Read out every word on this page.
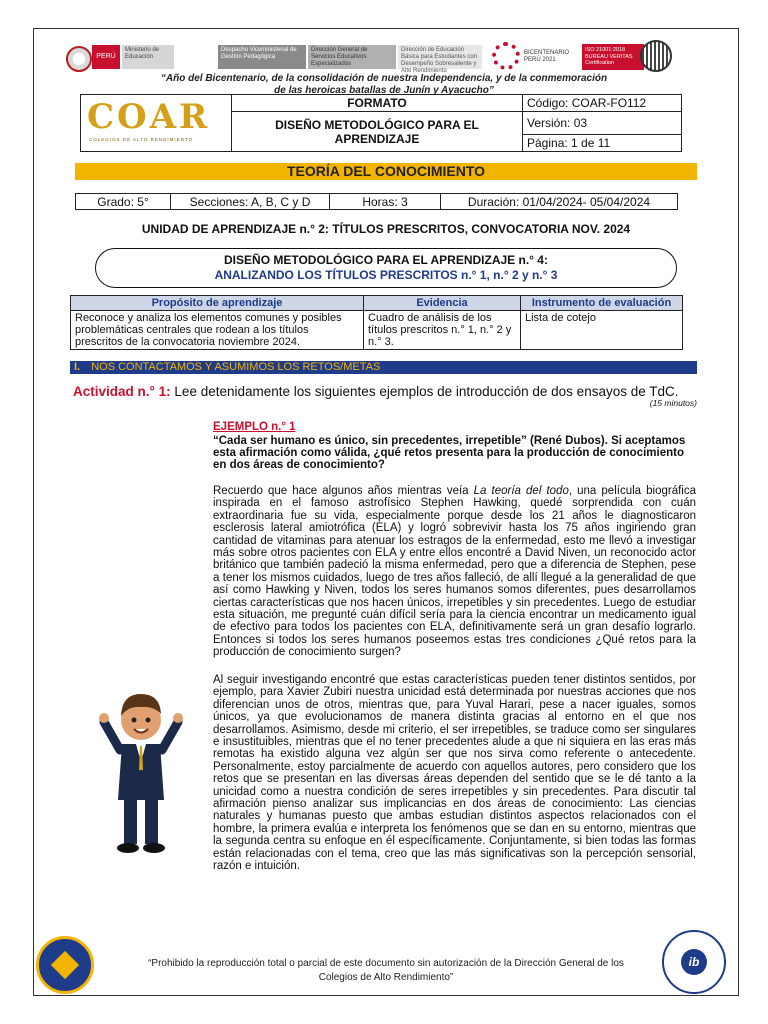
PERÚ
Ministerio de Educación
Despacho Viceministerial de Gestión Pedagógica
Dirección General de Servicios Educativos Especializados
Dirección de Educación Básica para Estudiantes con Desempeño Sobresaliente y Alto Rendimiento
BICENTENARIO PERÚ 2021
ISO 21001:2018 BUREAU VERITAS Certification
“Año del Bicentenario, de la consolidación de nuestra Independencia, y de la conmemoración
de las heroicas batallas de Junín y Ayacucho”
COAR
COLEGIOS DE ALTO RENDIMIENTO	FORMATO	Código: COAR-FO112
	DISEÑO METODOLÓGICO PARA EL APRENDIZAJE	Versión: 03
		Página: 1 de 11
TEORÍA DEL CONOCIMIENTO
Grado: 5°	Secciones: A, B, C y D	Horas: 3	Duración: 01/04/2024- 05/04/2024
UNIDAD DE APRENDIZAJE n.° 2: TÍTULOS PRESCRITOS, CONVOCATORIA NOV. 2024
DISEÑO METODOLÓGICO PARA EL APRENDIZAJE n.° 4:
ANALIZANDO LOS TÍTULOS PRESCRITOS n.° 1, n.° 2 y n.° 3
Propósito de aprendizaje	Evidencia	Instrumento de evaluación
Reconoce y analiza los elementos comunes y posibles problemáticas centrales que rodean a los títulos prescritos de la convocatoria noviembre 2024.	Cuadro de análisis de los títulos prescritos n.° 1, n.° 2 y n.° 3.	Lista de cotejo
I. NOS CONTACTAMOS Y ASUMIMOS LOS RETOS/METAS
Actividad n.° 1: Lee detenidamente los siguientes ejemplos de introducción de dos ensayos de TdC.
(15 minutos)
EJEMPLO n.° 1
“Cada ser humano es único, sin precedentes, irrepetible” (René Dubos). Si aceptamos esta afirmación como válida, ¿qué retos presenta para la producción de conocimiento en dos áreas de conocimiento?
Recuerdo que hace algunos años mientras veía La teoría del todo, una película biográfica inspirada en el famoso astrofísico Stephen Hawking, quedé sorprendida con cuán extraordinaria fue su vida, especialmente porque desde los 21 años le diagnosticaron esclerosis lateral amiotrófica (ELA) y logró sobrevivir hasta los 75 años ingiriendo gran cantidad de vitaminas para atenuar los estragos de la enfermedad, esto me llevó a investigar más sobre otros pacientes con ELA y entre ellos encontré a David Niven, un reconocido actor británico que también padeció la misma enfermedad, pero que a diferencia de Stephen, pese a tener los mismos cuidados, luego de tres años falleció, de allí llegué a la generalidad de que así como Hawking y Niven, todos los seres humanos somos diferentes, pues desarrollamos ciertas características que nos hacen únicos, irrepetibles y sin precedentes. Luego de estudiar esta situación, me pregunté cuán difícil sería para la ciencia encontrar un medicamento igual de efectivo para todos los pacientes con ELA, definitivamente será un gran desafío lograrlo. Entonces si todos los seres humanos poseemos estas tres condiciones ¿Qué retos para la producción de conocimiento surgen?
Al seguir investigando encontré que estas características pueden tener distintos sentidos, por ejemplo, para Xavier Zubiri nuestra unicidad está determinada por nuestras acciones que nos diferencian unos de otros, mientras que, para Yuval Harari, pese a nacer iguales, somos únicos, ya que evolucionamos de manera distinta gracias al entorno en el que nos desarrollamos. Asimismo, desde mi criterio, el ser irrepetibles, se traduce como ser singulares e insustituibles, mientras que el no tener precedentes alude a que ni siquiera en las eras más remotas ha existido alguna vez algún ser que nos sirva como referente o antecedente. Personalmente, estoy parcialmente de acuerdo con aquellos autores, pero considero que los retos que se presentan en las diversas áreas dependen del sentido que se le dé tanto a la unicidad como a nuestra condición de seres irrepetibles y sin precedentes. Para discutir tal afirmación pienso analizar sus implicancias en dos áreas de conocimiento: Las ciencias naturales y humanas puesto que ambas estudian distintos aspectos relacionados con el hombre, la primera evalúa e interpreta los fenómenos que se dan en su entorno, mientras que la segunda centra su enfoque en él específicamente. Conjuntamente, si bien todas las formas están relacionadas con el tema, creo que las más significativas son la percepción sensorial, razón e intuición.
“Prohibido la reproducción total o parcial de este documento sin autorización de la Dirección General de los
Colegios de Alto Rendimiento”
ib
